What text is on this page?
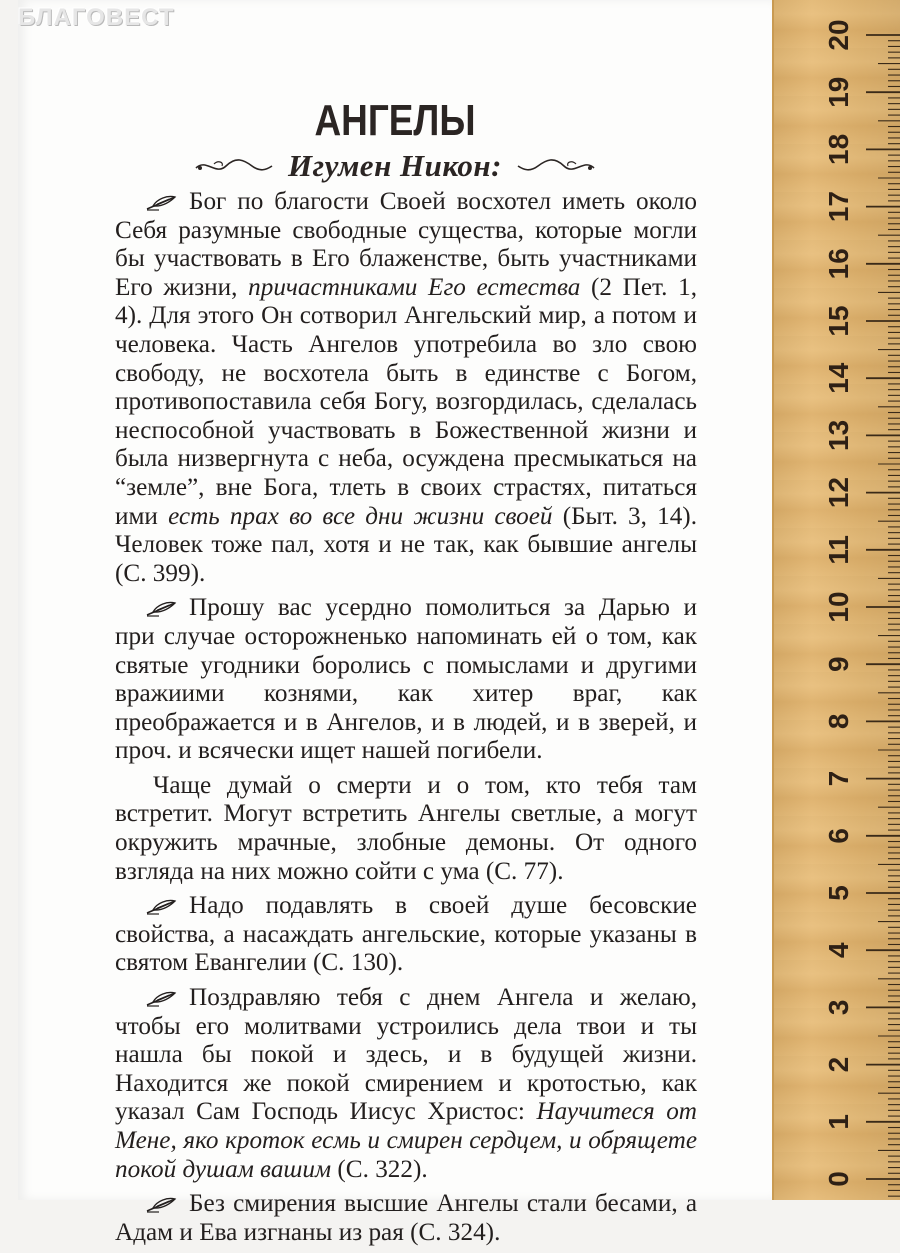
БЛАГОВЕСТ
АНГЕЛЫ
Игумен Никон:

Бог по благости Своей восхотел иметь около Себя разумные свободные существа, которые могли бы участвовать в Его блаженстве, быть участниками Его жизни, причастниками Его естества (2 Пет. 1, 4). Для этого Он сотворил Ангельский мир, а потом и человека. Часть Ангелов употребила во зло свою свободу, не восхотела быть в единстве с Богом, противопоставила себя Богу, возгордилась, сделалась неспособной участвовать в Божественной жизни и была низвергнута с неба, осуждена пресмыкаться на “земле”, вне Бога, тлеть в своих страстях, питаться ими есть прах во все дни жизни своей (Быт. 3, 14). Человек тоже пал, хотя и не так, как бывшие ангелы (С. 399).

Прошу вас усердно помолиться за Дарью и при случае осторожненько напоминать ей о том, как святые угодники боролись с помыслами и другими вражиими кознями, как хитер враг, как преображается и в Ангелов, и в людей, и в зверей, и проч. и всячески ищет нашей погибели.

Чаще думай о смерти и о том, кто тебя там встретит. Могут встретить Ангелы светлые, а могут окружить мрачные, злобные демоны. От одного взгляда на них можно сойти с ума (С. 77).

Надо подавлять в своей душе бесовские свойства, а насаждать ангельские, которые указаны в святом Евангелии (С. 130).

Поздравляю тебя с днем Ангела и желаю, чтобы его молитвами устроились дела твои и ты нашла бы покой и здесь, и в будущей жизни. Находится же покой смирением и кротостью, как указал Сам Господь Иисус Христос: Научитеся от Мене, яко кроток есмь и смирен сердцем, и обрящете покой душам вашим (С. 322).

Без смирения высшие Ангелы стали бесами, а Адам и Ева изгнаны из рая (С. 324).

20
19
18
17
16
15
14
13
12
11
10
9
8
7
6
5
4
3
2
1
0
